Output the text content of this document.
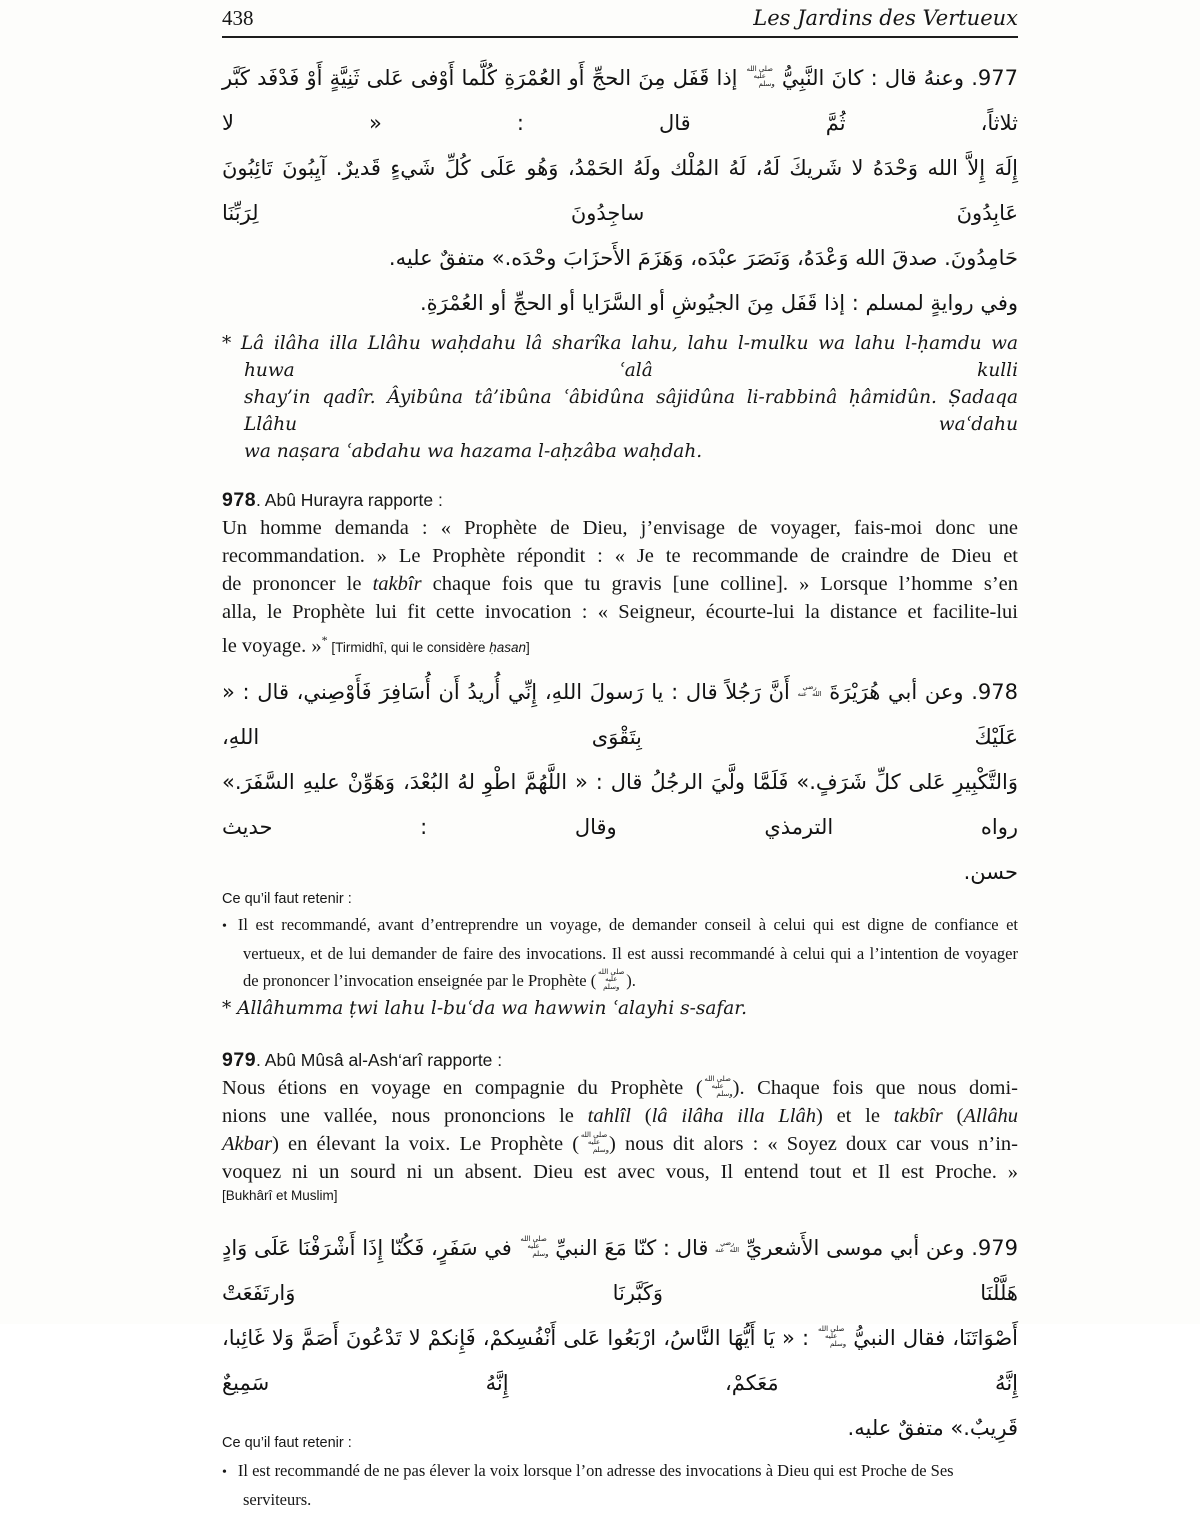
438	Les Jardins des Vertueux
977. وعنهُ قال : كانَ النَّبِيُّ صلى الله عليه وسلم إذا قَفَل مِنَ الحجِّ أَو العُمْرَةِ كُلَّما أَوْفى عَلى ثَنِيَّةٍ أَوْ فَدْفَد كَبَّر ثلاثاً، ثُمَّ قال : « لا
إِلَهَ إِلاَّ الله وَحْدَهُ لا شَريكَ لَهُ، لَهُ المُلْك ولَهُ الحَمْدُ، وَهُو عَلَى كُلِّ شَيءٍ قَديرٌ. آيِبُونَ تَائِبُونَ عَابِدُونَ ساجِدُونَ لِرَبِّنَا
حَامِدُونَ. صدقَ الله وَعْدَهُ، وَنَصَرَ عبْدَه، وَهَزَمَ الأَحزَابَ وحْدَه.» متفقٌ عليه.
وفي روايةٍ لمسلم : إذا قَفَل مِنَ الجيُوشِ أو السَّرَايا أو الحجِّ أو العُمْرَةِ.
* Lâ ilâha illa Llâhu waḥdahu lâ sharîka lahu, lahu l-mulku wa lahu l-ḥamdu wa huwa ʿalâ kulli
shay’in qadîr. Âyibûna tâ’ibûna ʿâbidûna sâjidûna li-rabbinâ ḥâmidûn. Ṣadaqa Llâhu waʿdahu
wa naṣara ʿabdahu wa hazama l-aḥzâba waḥdah.
978. Abû Hurayra rapporte :
Un homme demanda : « Prophète de Dieu, j’envisage de voyager, fais-moi donc une
recommandation. » Le Prophète répondit : « Je te recommande de craindre de Dieu et
de prononcer le takbîr chaque fois que tu gravis [une colline]. » Lorsque l’homme s’en
alla, le Prophète lui fit cette invocation : « Seigneur, écourte-lui la distance et facilite-lui
le voyage. »* [Tirmidhî, qui le considère ḥasan]
978. وعن أبي هُرَيْرَةَ رضي الله عنه أَنَّ رَجُلاً قال : يا رَسولَ اللهِ، إِنِّي أُريدُ أَن أُسَافِرَ فَأَوْصِني، قال : « عَلَيْكَ بِتَقْوَى اللهِ،
وَالتَّكْبِيرِ عَلى كلِّ شَرَفٍ.» فَلَمَّا ولَّيَ الرجُلُ قال : « اللَّهُمَّ اطْوِ لهُ البُعْدَ، وَهَوِّنْ عليهِ السَّفَرَ.» رواه الترمذي وقال : حديث
حسن.
Ce qu’il faut retenir :
• Il est recommandé, avant d’entreprendre un voyage, de demander conseil à celui qui est digne de confiance et
vertueux, et de lui demander de faire des invocations. Il est aussi recommandé à celui qui a l’intention de voyager
de prononcer l’invocation enseignée par le Prophète ( صلى الله عليه وسلم ).
* Allâhumma ṭwi lahu l-buʿda wa hawwin ʿalayhi s-safar.
979. Abû Mûsâ al-Ash‘arî rapporte :
Nous étions en voyage en compagnie du Prophète ( صلى الله عليه وسلم). Chaque fois que nous domi-
nions une vallée, nous prononcions le tahlîl (lâ ilâha illa Llâh) et le takbîr (Allâhu
Akbar) en élevant la voix. Le Prophète ( صلى الله عليه وسلم) nous dit alors : « Soyez doux car vous n’in-
voquez ni un sourd ni un absent. Dieu est avec vous, Il entend tout et Il est Proche. »
[Bukhârî et Muslim]
979. وعن أبي موسى الأَشعريِّ رضي الله عنه قال : كنّا مَعَ النبيِّ صلى الله عليه وسلم في سَفَرٍ، فَكُنّا إِذَا أَشْرَفْنَا عَلَى وَادٍ هَلَّلْنَا وَكَبَّرنَا وَارتَفَعَتْ
أَصْوَاتَنَا، فقال النبيُّ صلى الله عليه وسلم : « يَا أَيُّهَا النَّاسُ، ارْبَعُوا عَلى أَنْفُسِكمْ، فَإِنكمْ لا تَدْعُونَ أَصَمَّ وَلا غَائِبا، إِنَّهُ مَعَكمْ، إِنَّهُ سَمِيعٌ
قَرِيبٌ.» متفقٌ عليه.
Ce qu’il faut retenir :
• Il est recommandé de ne pas élever la voix lorsque l’on adresse des invocations à Dieu qui est Proche de Ses serviteurs.
